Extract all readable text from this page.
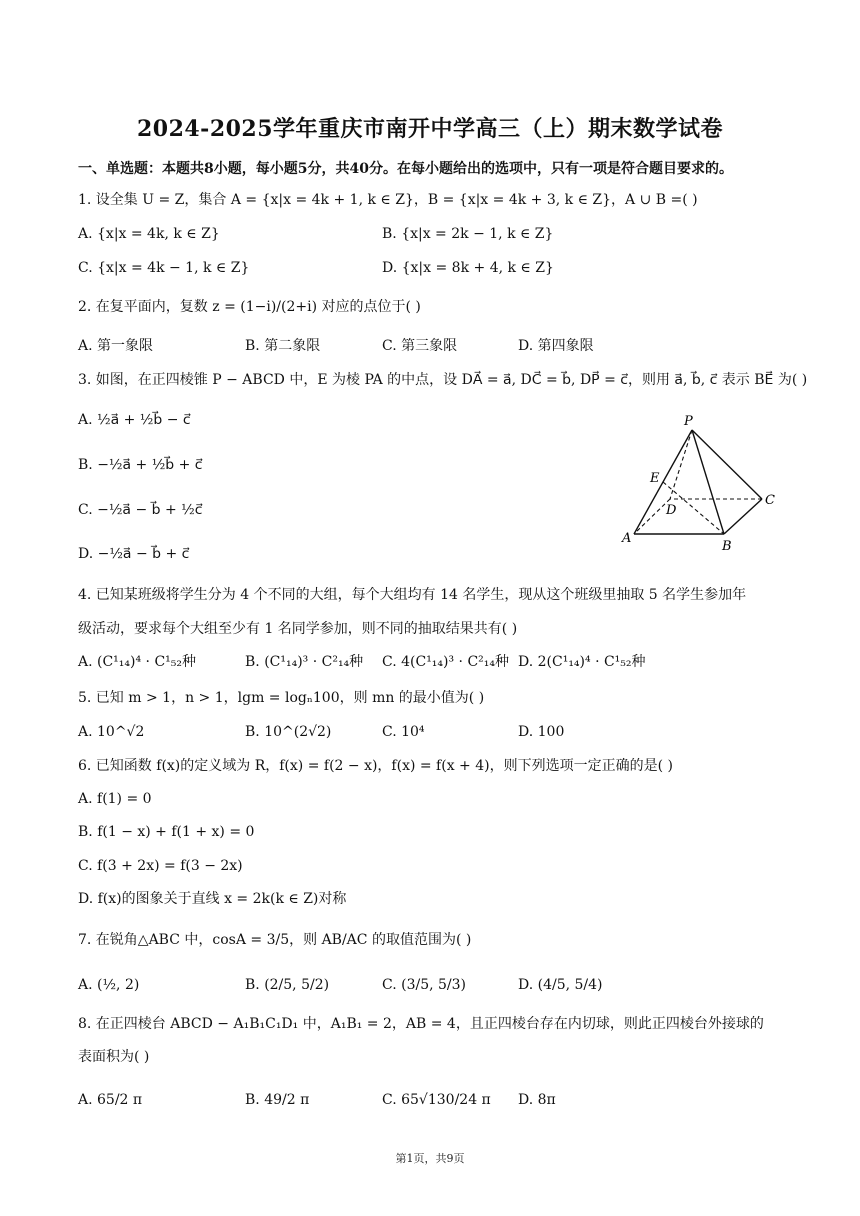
2024-2025学年重庆市南开中学高三（上）期末数学试卷
一、单选题：本题共8小题，每小题5分，共40分。在每小题给出的选项中，只有一项是符合题目要求的。
1. 设全集 U = Z，集合 A = {x|x = 4k + 1, k ∈ Z}，B = {x|x = 4k + 3, k ∈ Z}，A ∪ B =( )
A. {x|x = 4k, k ∈ Z}	B. {x|x = 2k − 1, k ∈ Z}
C. {x|x = 4k − 1, k ∈ Z}	D. {x|x = 8k + 4, k ∈ Z}
2. 在复平面内，复数 z = (1−i)/(2+i) 对应的点位于( )
A. 第一象限	B. 第二象限	C. 第三象限	D. 第四象限
3. 如图，在正四棱锥 P − ABCD 中，E 为棱 PA 的中点，设 DA⃗ = a⃗, DC⃗ = b⃗, DP⃗ = c⃗，则用 a⃗, b⃗, c⃗ 表示 BE⃗ 为( )
A. ½a⃗ + ½b⃗ − c⃗
B. −½a⃗ + ½b⃗ + c⃗
C. −½a⃗ − b⃗ + ½c⃗
D. −½a⃗ − b⃗ + c⃗
P
E
D
C
A
B
4. 已知某班级将学生分为 4 个不同的大组，每个大组均有 14 名学生，现从这个班级里抽取 5 名学生参加年
级活动，要求每个大组至少有 1 名同学参加，则不同的抽取结果共有( )
A. (C¹₁₄)⁴ · C¹₅₂种	B. (C¹₁₄)³ · C²₁₄种 C. 4(C¹₁₄)³ · C²₁₄种 D. 2(C¹₁₄)⁴ · C¹₅₂种
5. 已知 m > 1，n > 1，lgm = logₙ100，则 mn 的最小值为( )
A. 10^√2	B. 10^(2√2)	C. 10⁴	D. 100
6. 已知函数 f(x)的定义域为 R，f(x) = f(2 − x)，f(x) = f(x + 4)，则下列选项一定正确的是( )
A. f(1) = 0
B. f(1 − x) + f(1 + x) = 0
C. f(3 + 2x) = f(3 − 2x)
D. f(x)的图象关于直线 x = 2k(k ∈ Z)对称
7. 在锐角△ABC 中，cosA = 3/5，则 AB/AC 的取值范围为( )
A. (½, 2)	B. (2/5, 5/2)	C. (3/5, 5/3)	D. (4/5, 5/4)
8. 在正四棱台 ABCD − A₁B₁C₁D₁ 中，A₁B₁ = 2，AB = 4，且正四棱台存在内切球，则此正四棱台外接球的
表面积为( )
A. 65/2 π	B. 49/2 π	C. 65√130/24 π D. 8π
第1页，共9页
